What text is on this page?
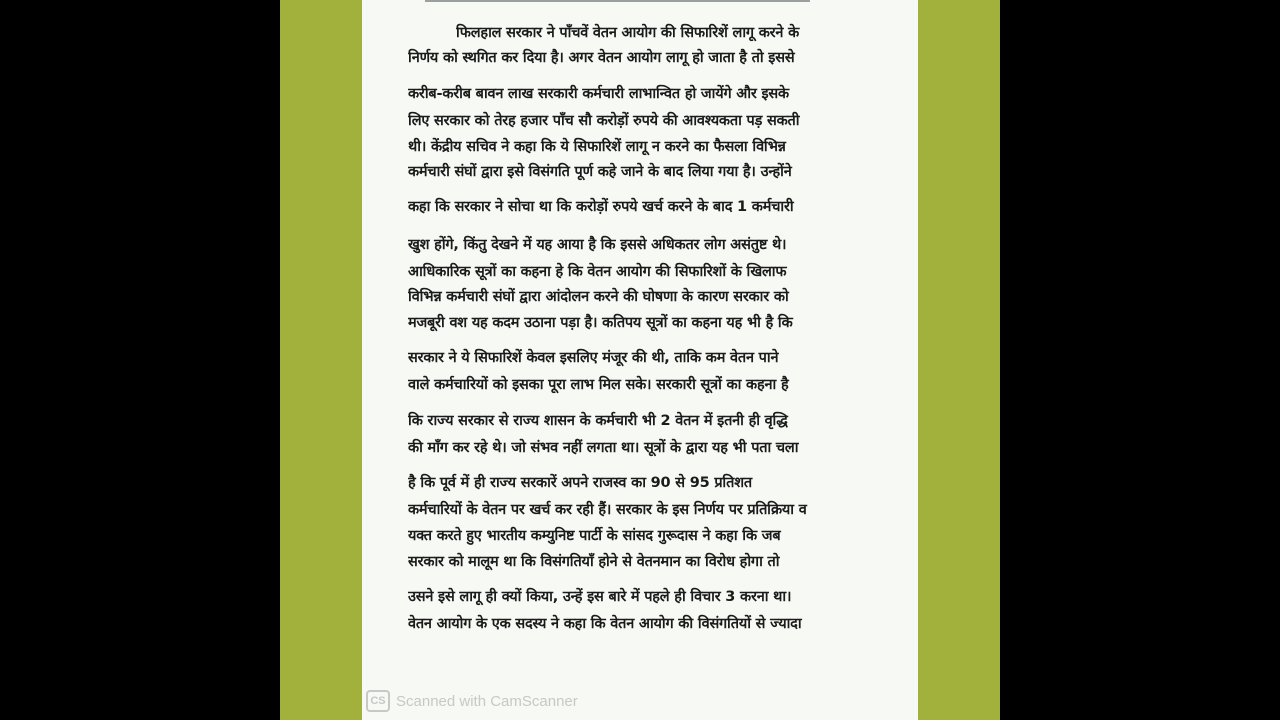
फिलहाल सरकार ने पाँचवें वेतन आयोग की सिफारिशें लागू करने के
निर्णय को स्थगित कर दिया है। अगर वेतन आयोग लागू हो जाता है तो इससे
करीब-करीब बावन लाख सरकारी कर्मचारी लाभान्वित हो जायेंगे और इसके
लिए सरकार को तेरह हजार पाँच सौ करोड़ों रुपये की आवश्यकता पड़ सकती
थी। केंद्रीय सचिव ने कहा कि ये सिफारिशें लागू न करने का फैसला विभिन्न
कर्मचारी संघों द्वारा इसे विसंगति पूर्ण कहे जाने के बाद लिया गया है। उन्होंने
कहा कि सरकार ने सोचा था कि करोड़ों रुपये खर्च करने के बाद 1 कर्मचारी
खुश होंगे, किंतु देखने में यह आया है कि इससे अधिकतर लोग असंतुष्ट थे।
आधिकारिक सूत्रों का कहना हे कि वेतन आयोग की सिफारिशों के खिलाफ
विभिन्न कर्मचारी संघों द्वारा आंदोलन करने की घोषणा के कारण सरकार को
मजबूरी वश यह कदम उठाना पड़ा है। कतिपय सूत्रों का कहना यह भी है कि
सरकार ने ये सिफारिशें केवल इसलिए मंजूर की थी, ताकि कम वेतन पाने
वाले कर्मचारियों को इसका पूरा लाभ मिल सके। सरकारी सूत्रों का कहना है
कि राज्य सरकार से राज्य शासन के कर्मचारी भी 2 वेतन में इतनी ही वृद्धि
की माँग कर रहे थे। जो संभव नहीं लगता था। सूत्रों के द्वारा यह भी पता चला
है कि पूर्व में ही राज्य सरकारें अपने राजस्व का 90 से 95 प्रतिशत
कर्मचारियों के वेतन पर खर्च कर रही हैं। सरकार के इस निर्णय पर प्रतिक्रिया व
यक्त करते हुए भारतीय कम्युनिष्ट पार्टी के सांसद गुरूदास ने कहा कि जब
सरकार को मालूम था कि विसंगतियाँ होने से वेतनमान का विरोध होगा तो
उसने इसे लागू ही क्यों किया, उन्हें इस बारे में पहले ही विचार 3 करना था।
वेतन आयोग के एक सदस्य ने कहा कि वेतन आयोग की विसंगतियों से ज्यादा
CS Scanned with CamScanner
